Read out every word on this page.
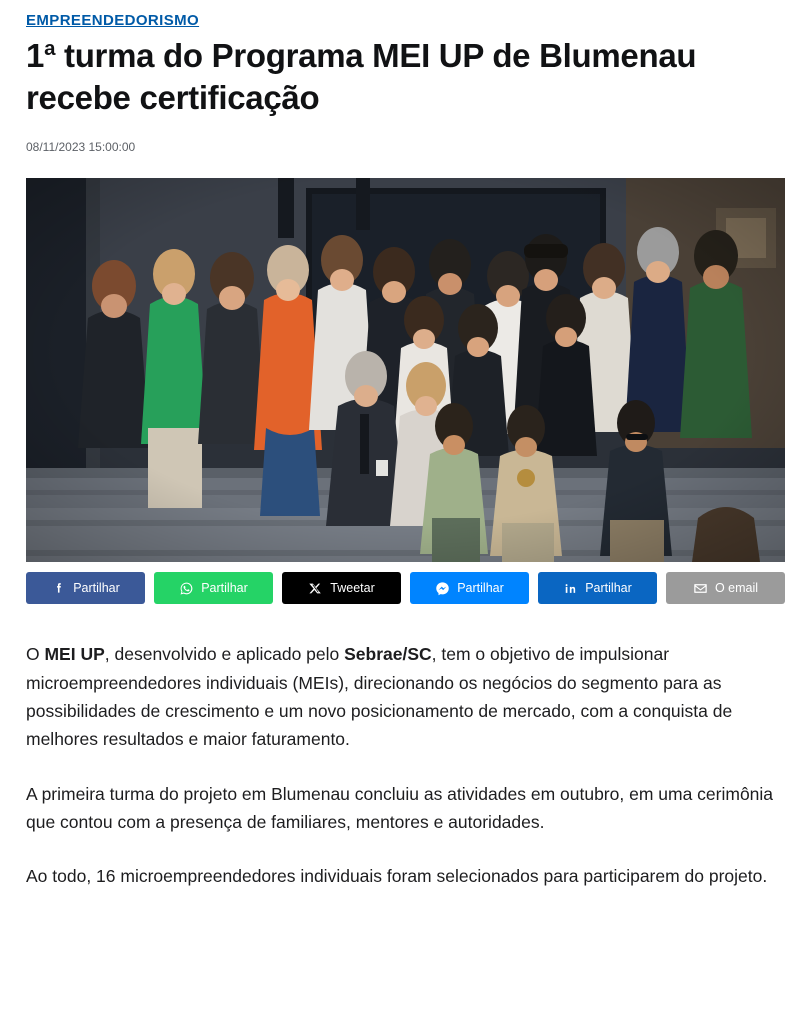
EMPREENDEDORISMO
1$^a$ turma do Programa MEI UP de Blumenau recebe certificação
08/11/2023 15:00:00
Partilhar	Partilhar	Tweetar	Partilhar	Partilhar	O email

O MEI UP, desenvolvido e aplicado pelo Sebrae/SC, tem o objetivo de impulsionar microempreendedores individuais (MEIs), direcionando os negócios do segmento para as possibilidades de crescimento e um novo posicionamento de mercado, com a conquista de melhores resultados e maior faturamento.

A primeira turma do projeto em Blumenau concluiu as atividades em outubro, em uma cerimônia que contou com a presença de familiares, mentores e autoridades.

Ao todo, 16 microempreendedores individuais foram selecionados para participarem do projeto.
